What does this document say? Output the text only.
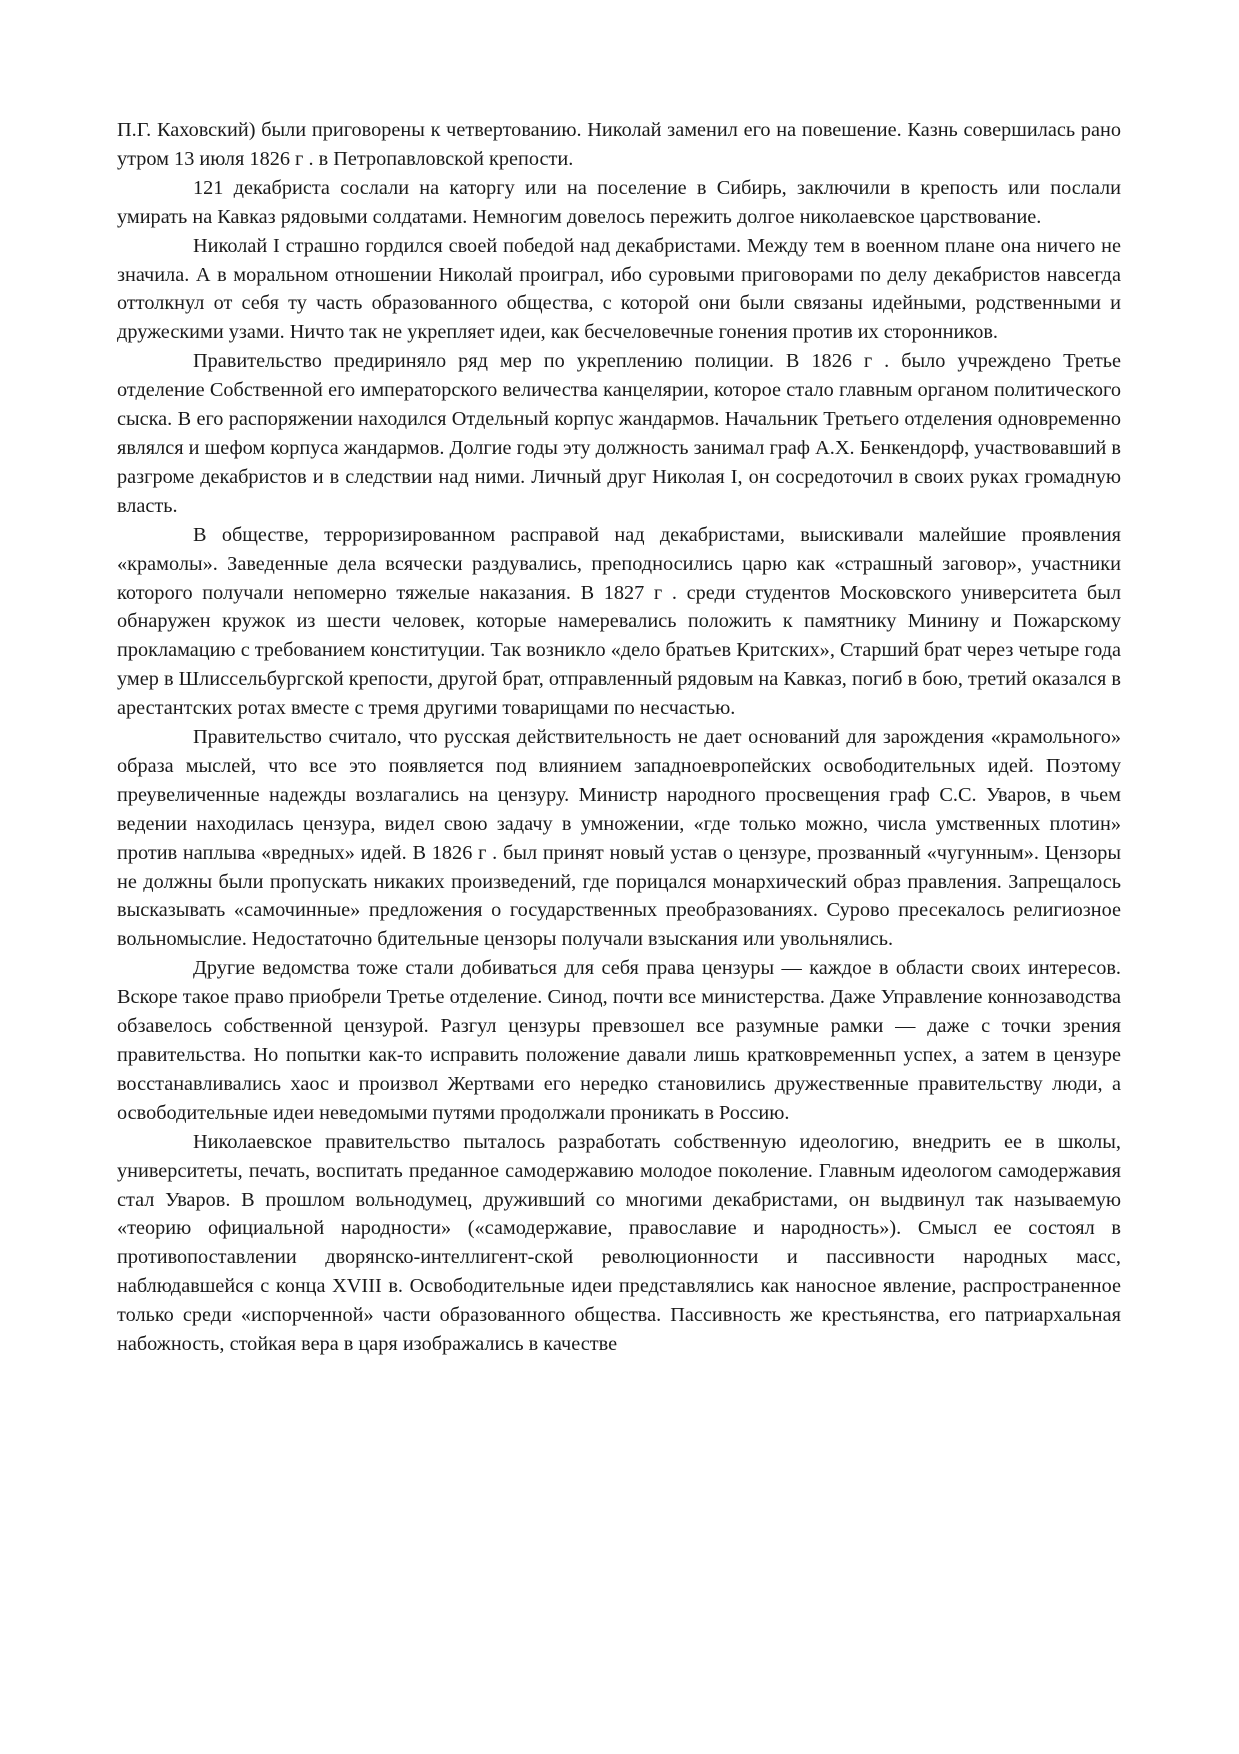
П.Г. Каховский) были приговорены к четвертованию. Николай заменил его на повешение. Казнь совершилась рано утром 13 июля 1826 г . в Петропавловской крепости.

121 декабриста сослали на каторгу или на поселение в Сибирь, заключили в крепость или послали умирать на Кавказ рядовыми солдатами. Немногим довелось пережить долгое николаевское царствование.

Николай I страшно гордился своей победой над декабристами. Между тем в военном плане она ничего не значила. А в моральном отношении Николай проиграл, ибо суровыми приговорами по делу декабристов навсегда оттолкнул от себя ту часть образованного общества, с которой они были связаны идейными, родственными и дружескими узами. Ничто так не укрепляет идеи, как бесчеловечные гонения против их сторонников.

Правительство предириняло ряд мер по укреплению полиции. В 1826 г . было учреждено Третье отделение Собственной его императорского величества канцелярии, которое стало главным органом политического сыска. В его распоряжении находился Отдельный корпус жандармов. Начальник Третьего отделения одновременно являлся и шефом корпуса жандармов. Долгие годы эту должность занимал граф А.Х. Бенкендорф, участвовавший в разгроме декабристов и в следствии над ними. Личный друг Николая I, он сосредоточил в своих руках громадную власть.

В обществе, терроризированном расправой над декабристами, выискивали малейшие проявления «крамолы». Заведенные дела всячески раздувались, преподносились царю как «страшный заговор», участники которого получали непомерно тяжелые наказания. В 1827 г . среди студентов Московского университета был обнаружен кружок из шести человек, которые намеревались положить к памятнику Минину и Пожарскому прокламацию с требованием конституции. Так возникло «дело братьев Критских», Старший брат через четыре года умер в Шлиссельбургской крепости, другой брат, отправленный рядовым на Кавказ, погиб в бою, третий оказался в арестантских ротах вместе с тремя другими товарищами по несчастью.

Правительство считало, что русская действительность не дает оснований для зарождения «крамольного» образа мыслей, что все это появляется под влиянием западноевропейских освободительных идей. Поэтому преувеличенные надежды возлагались на цензуру. Министр народного просвещения граф С.С. Уваров, в чьем ведении находилась цензура, видел свою задачу в умножении, «где только можно, числа умственных плотин» против наплыва «вредных» идей. В 1826 г . был принят новый устав о цензуре, прозванный «чугунным». Цензоры не должны были пропускать никаких произведений, где порицался монархический образ правления. Запрещалось высказывать «самочинные» предложения о государственных преобразованиях. Сурово пресекалось религиозное вольномыслие. Недостаточно бдительные цензоры получали взыскания или увольнялись.

Другие ведомства тоже стали добиваться для себя права цензуры — каждое в области своих интересов. Вскоре такое право приобрели Третье отделение. Синод, почти все министерства. Даже Управление коннозаводства обзавелось собственной цензурой. Разгул цензуры превзошел все разумные рамки — даже с точки зрения правительства. Но попытки как-то исправить положение давали лишь кратковременньп успех, а затем в цензуре восстанавливались хаос и произвол Жертвами его нередко становились дружественные правительству люди, а освободительные идеи неведомыми путями продолжали проникать в Россию.

Николаевское правительство пыталось разработать собственную идеологию, внедрить ее в школы, университеты, печать, воспитать преданное самодержавию молодое поколение. Главным идеологом самодержавия стал Уваров. В прошлом вольнодумец, друживший со многими декабристами, он выдвинул так называемую «теорию официальной народности» («самодержавие, православие и народность»). Смысл ее состоял в противопоставлении дворянско-интеллигент-ской революционности и пассивности народных масс, наблюдавшейся с конца XVIII в. Освободительные идеи представлялись как наносное явление, распространенное только среди «испорченной» части образованного общества. Пассивность же крестьянства, его патриархальная набожность, стойкая вера в царя изображались в качестве
